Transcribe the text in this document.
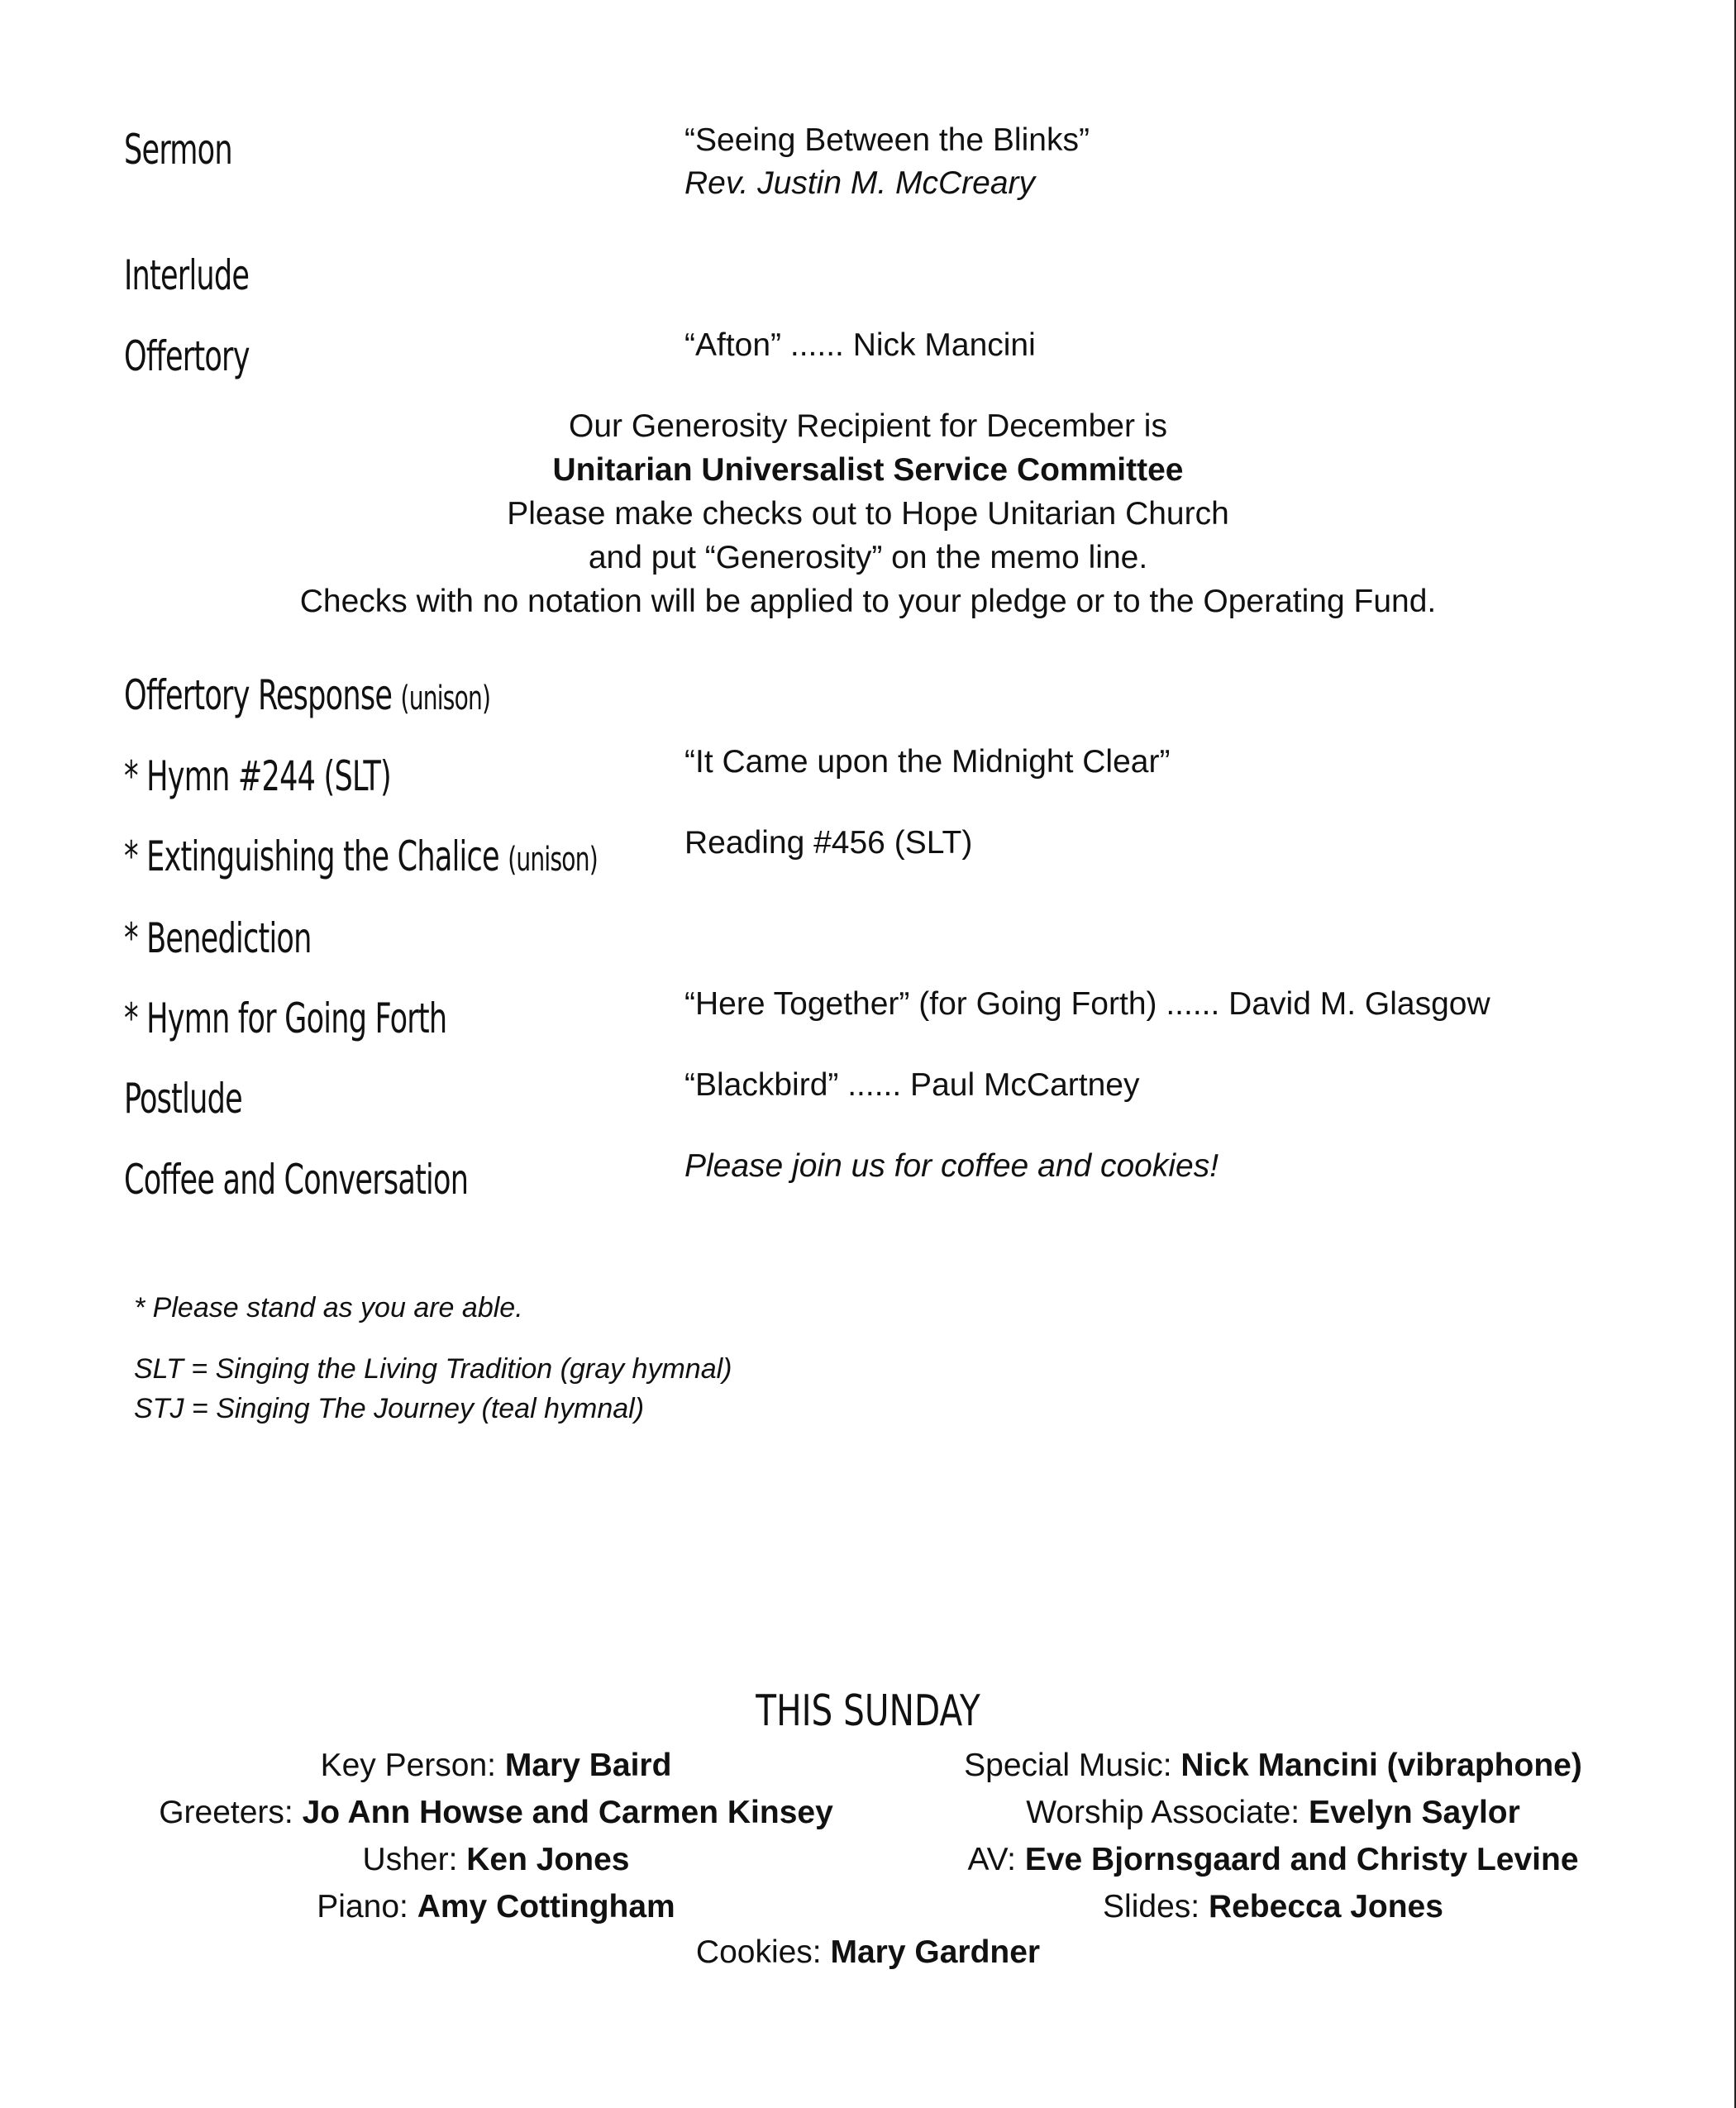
Sermon	“Seeing Between the Blinks”
Rev. Justin M. McCreary
Interlude
Offertory	“Afton” ...... Nick Mancini
Our Generosity Recipient for December is
Unitarian Universalist Service Committee
Please make checks out to Hope Unitarian Church
and put “Generosity” on the memo line.
Checks with no notation will be applied to your pledge or to the Operating Fund.
Offertory Response (unison)
* Hymn #244 (SLT)	“It Came upon the Midnight Clear”
* Extinguishing the Chalice (unison)	Reading #456 (SLT)
* Benediction
* Hymn for Going Forth	“Here Together” (for Going Forth) ...... David M. Glasgow
Postlude	“Blackbird” ...... Paul McCartney
Coffee and Conversation	Please join us for coffee and cookies!
* Please stand as you are able.
SLT = Singing the Living Tradition (gray hymnal)
STJ = Singing The Journey (teal hymnal)
THIS SUNDAY
Key Person: Mary Baird
Greeters: Jo Ann Howse and Carmen Kinsey
Usher: Ken Jones
Piano: Amy Cottingham
Special Music: Nick Mancini (vibraphone)
Worship Associate: Evelyn Saylor
AV: Eve Bjornsgaard and Christy Levine
Slides: Rebecca Jones
Cookies: Mary Gardner
